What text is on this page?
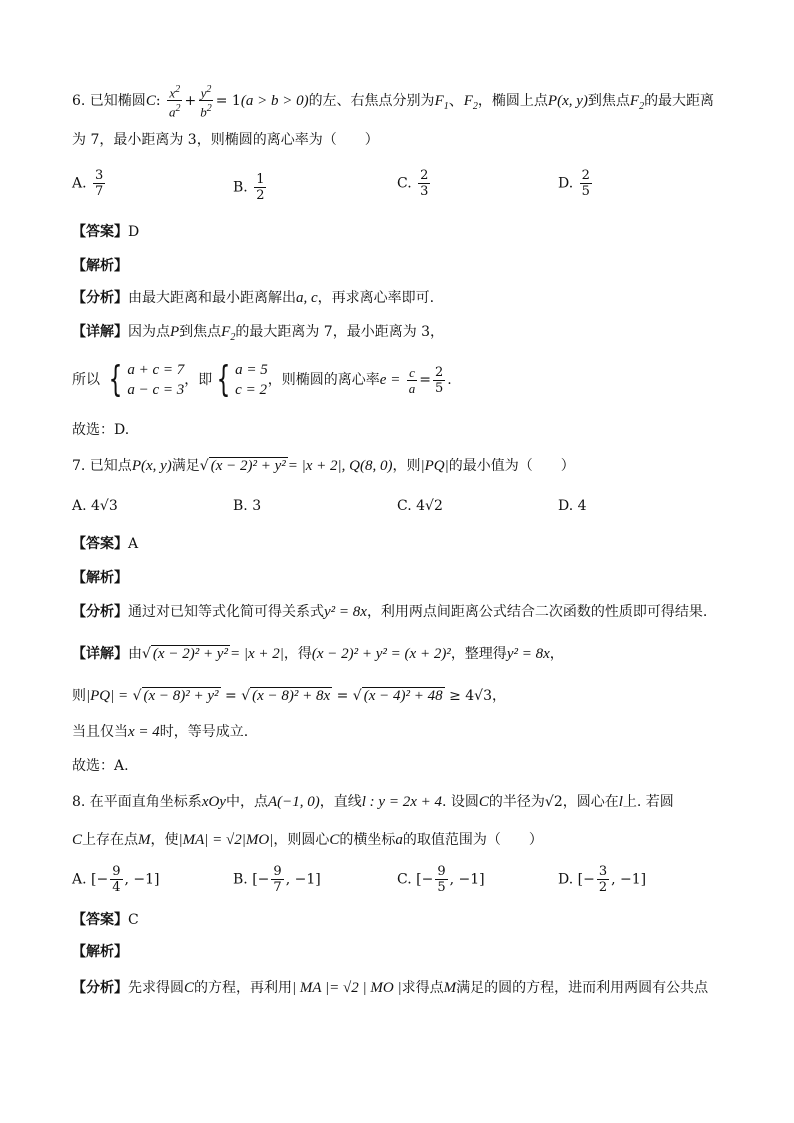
6. 已知椭圆C: $\frac{x^2}{a^2} + \frac{y^2}{b^2} = 1(a > b > 0)$的左、右焦点分别为$F_1$、$F_2$，椭圆上点P(x, y)到焦点$F_2$的最大距离
为 7，最小距离为 3，则椭圆的离心率为（　　）
A. $\frac{3}{7}$	B. $\frac{1}{2}$	C. $\frac{2}{3}$	D. $\frac{2}{5}$
【答案】D
【解析】
【分析】由最大距离和最小距离解出a, c，再求离心率即可.
【详解】因为点P到焦点$F_2$的最大距离为 7，最小距离为 3，
所以 { a + c = 7
a − c = 3
，即 { a = 5
c = 2
，则椭圆的离心率$e = \frac{c}{a} = \frac{2}{5}$ .
故选：D.
7. 已知点P(x, y)满足√ (x − 2)² + y² = |x + 2|, Q(8, 0)，则|PQ|的最小值为（　　）
A. 4√3	B. 3	C. 4√2	D. 4
【答案】A
【解析】
【分析】通过对已知等式化简可得关系式y² = 8x，利用两点间距离公式结合二次函数的性质即可得结果.
【详解】由√ (x − 2)² + y² = |x + 2|，得(x − 2)² + y² = (x + 2)²，整理得y² = 8x，
则|PQ| = √ (x − 8)² + y² = √ (x − 8)² + 8x = √ (x − 4)² + 48 ≥ 4√3，
当且仅当x = 4时，等号成立.
故选：A.
8. 在平面直角坐标系xOy中，点A(−1, 0)，直线l : y = 2x + 4. 设圆C的半径为√2，圆心在l上. 若圆
C上存在点M，使|MA| = √2|MO|，则圆心C的横坐标a的取值范围为（　　）
A. [− $\frac{9}{4}$ , −1]	B. [− $\frac{9}{7}$ , −1]	C. [− $\frac{9}{5}$ , −1]	D. [− $\frac{3}{2}$ , −1]
【答案】C
【解析】
【分析】先求得圆C的方程，再利用| MA |= √2 | MO |求得点M满足的圆的方程，进而利用两圆有公共点
